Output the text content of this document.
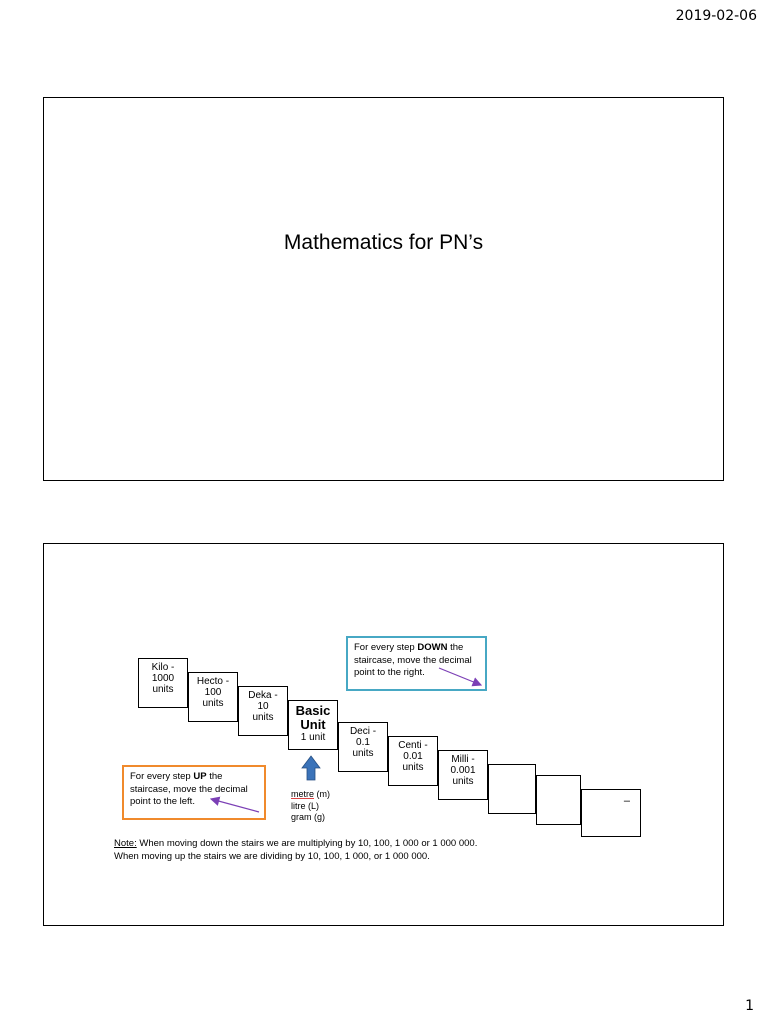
2019-02-06
Mathematics for PN’s
Kilo -
1000
units
Hecto -
100
units
Deka -
10
units	Basic
Unit
1 unit
Deci -
0.1
units
Centi -
0.01
units
Milli -
0.001
units
–
For every step DOWN the staircase, move the decimal point to the right.
For every step UP the staircase, move the decimal point to the left.
metre (m)
litre (L)
gram (g)
Note: When moving down the stairs we are multiplying by 10, 100, 1 000 or 1 000 000.
When moving up the stairs we are dividing by 10, 100, 1 000, or 1 000 000.
1
